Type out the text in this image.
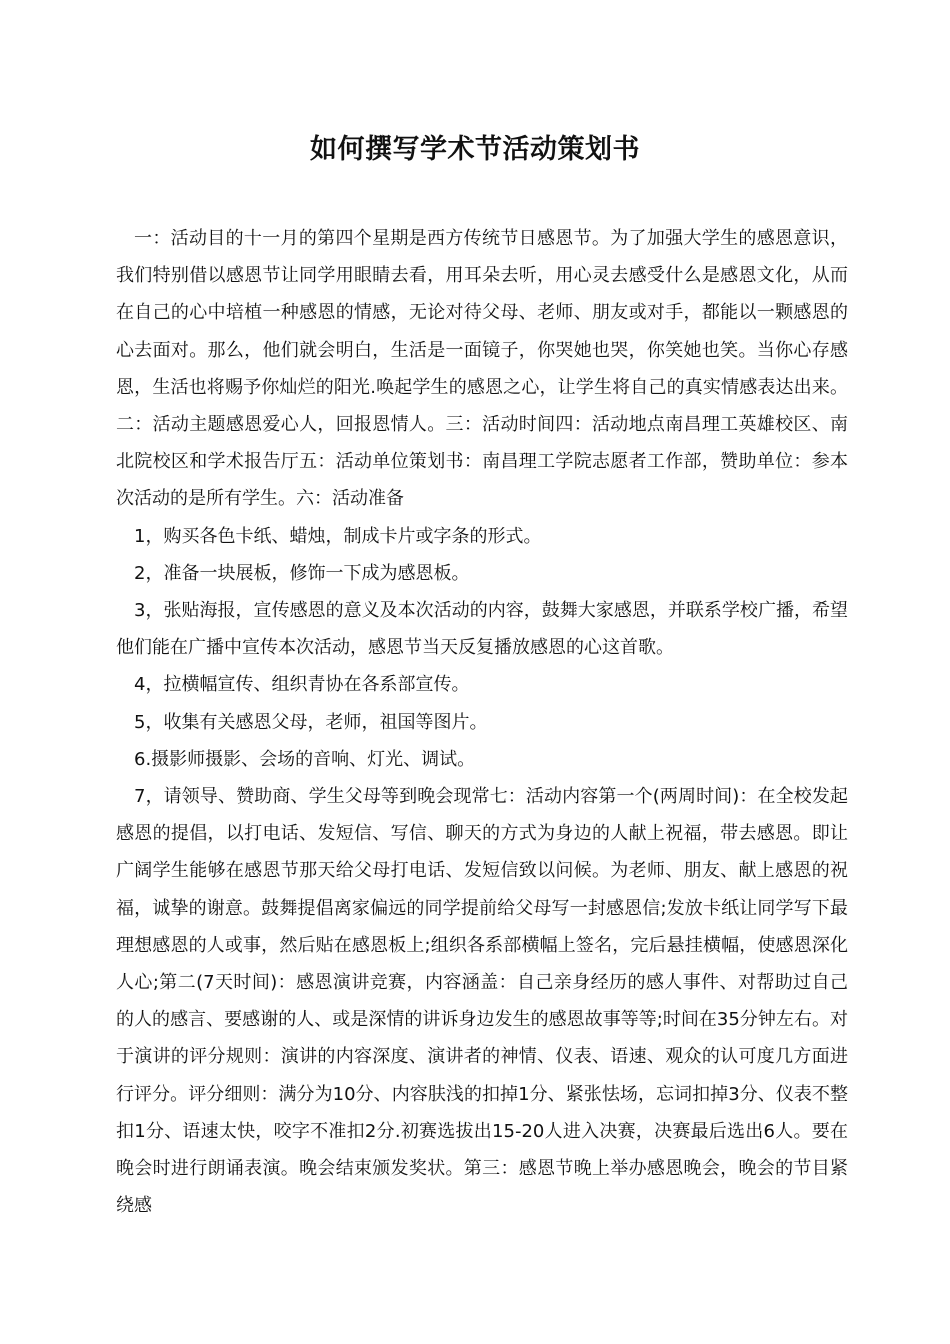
如何撰写学术节活动策划书

一：活动目的十一月的第四个星期是西方传统节日感恩节。为了加强大学生的感恩意识，我们特别借以感恩节让同学用眼睛去看，用耳朵去听，用心灵去感受什么是感恩文化，从而在自己的心中培植一种感恩的情感，无论对待父母、老师、朋友或对手，都能以一颗感恩的心去面对。那么，他们就会明白，生活是一面镜子，你哭她也哭，你笑她也笑。当你心存感恩，生活也将赐予你灿烂的阳光.唤起学生的感恩之心，让学生将自己的真实情感表达出来。二：活动主题感恩爱心人，回报恩情人。三：活动时间四：活动地点南昌理工英雄校区、南北院校区和学术报告厅五：活动单位策划书：南昌理工学院志愿者工作部，赞助单位：参本次活动的是所有学生。六：活动准备

1，购买各色卡纸、蜡烛，制成卡片或字条的形式。

2，准备一块展板，修饰一下成为感恩板。

3，张贴海报，宣传感恩的意义及本次活动的内容，鼓舞大家感恩，并联系学校广播，希望他们能在广播中宣传本次活动，感恩节当天反复播放感恩的心这首歌。

4，拉横幅宣传、组织青协在各系部宣传。

5，收集有关感恩父母，老师，祖国等图片。

6.摄影师摄影、会场的音响、灯光、调试。

7，请领导、赞助商、学生父母等到晚会现常七：活动内容第一个(两周时间)：在全校发起感恩的提倡，以打电话、发短信、写信、聊天的方式为身边的人献上祝福，带去感恩。即让广阔学生能够在感恩节那天给父母打电话、发短信致以问候。为老师、朋友、献上感恩的祝福，诚挚的谢意。鼓舞提倡离家偏远的同学提前给父母写一封感恩信;发放卡纸让同学写下最理想感恩的人或事，然后贴在感恩板上;组织各系部横幅上签名，完后悬挂横幅，使感恩深化人心;第二(7天时间)：感恩演讲竞赛，内容涵盖：自己亲身经历的感人事件、对帮助过自己的人的感言、要感谢的人、或是深情的讲诉身边发生的感恩故事等等;时间在35分钟左右。对于演讲的评分规则：演讲的内容深度、演讲者的神情、仪表、语速、观众的认可度几方面进行评分。评分细则：满分为10分、内容肤浅的扣掉1分、紧张怯场，忘词扣掉3分、仪表不整扣1分、语速太快，咬字不准扣2分.初赛选拔出15-20人进入决赛，决赛最后选出6人。要在晚会时进行朗诵表演。晚会结束颁发奖状。第三：感恩节晚上举办感恩晚会，晚会的节目紧绕感
